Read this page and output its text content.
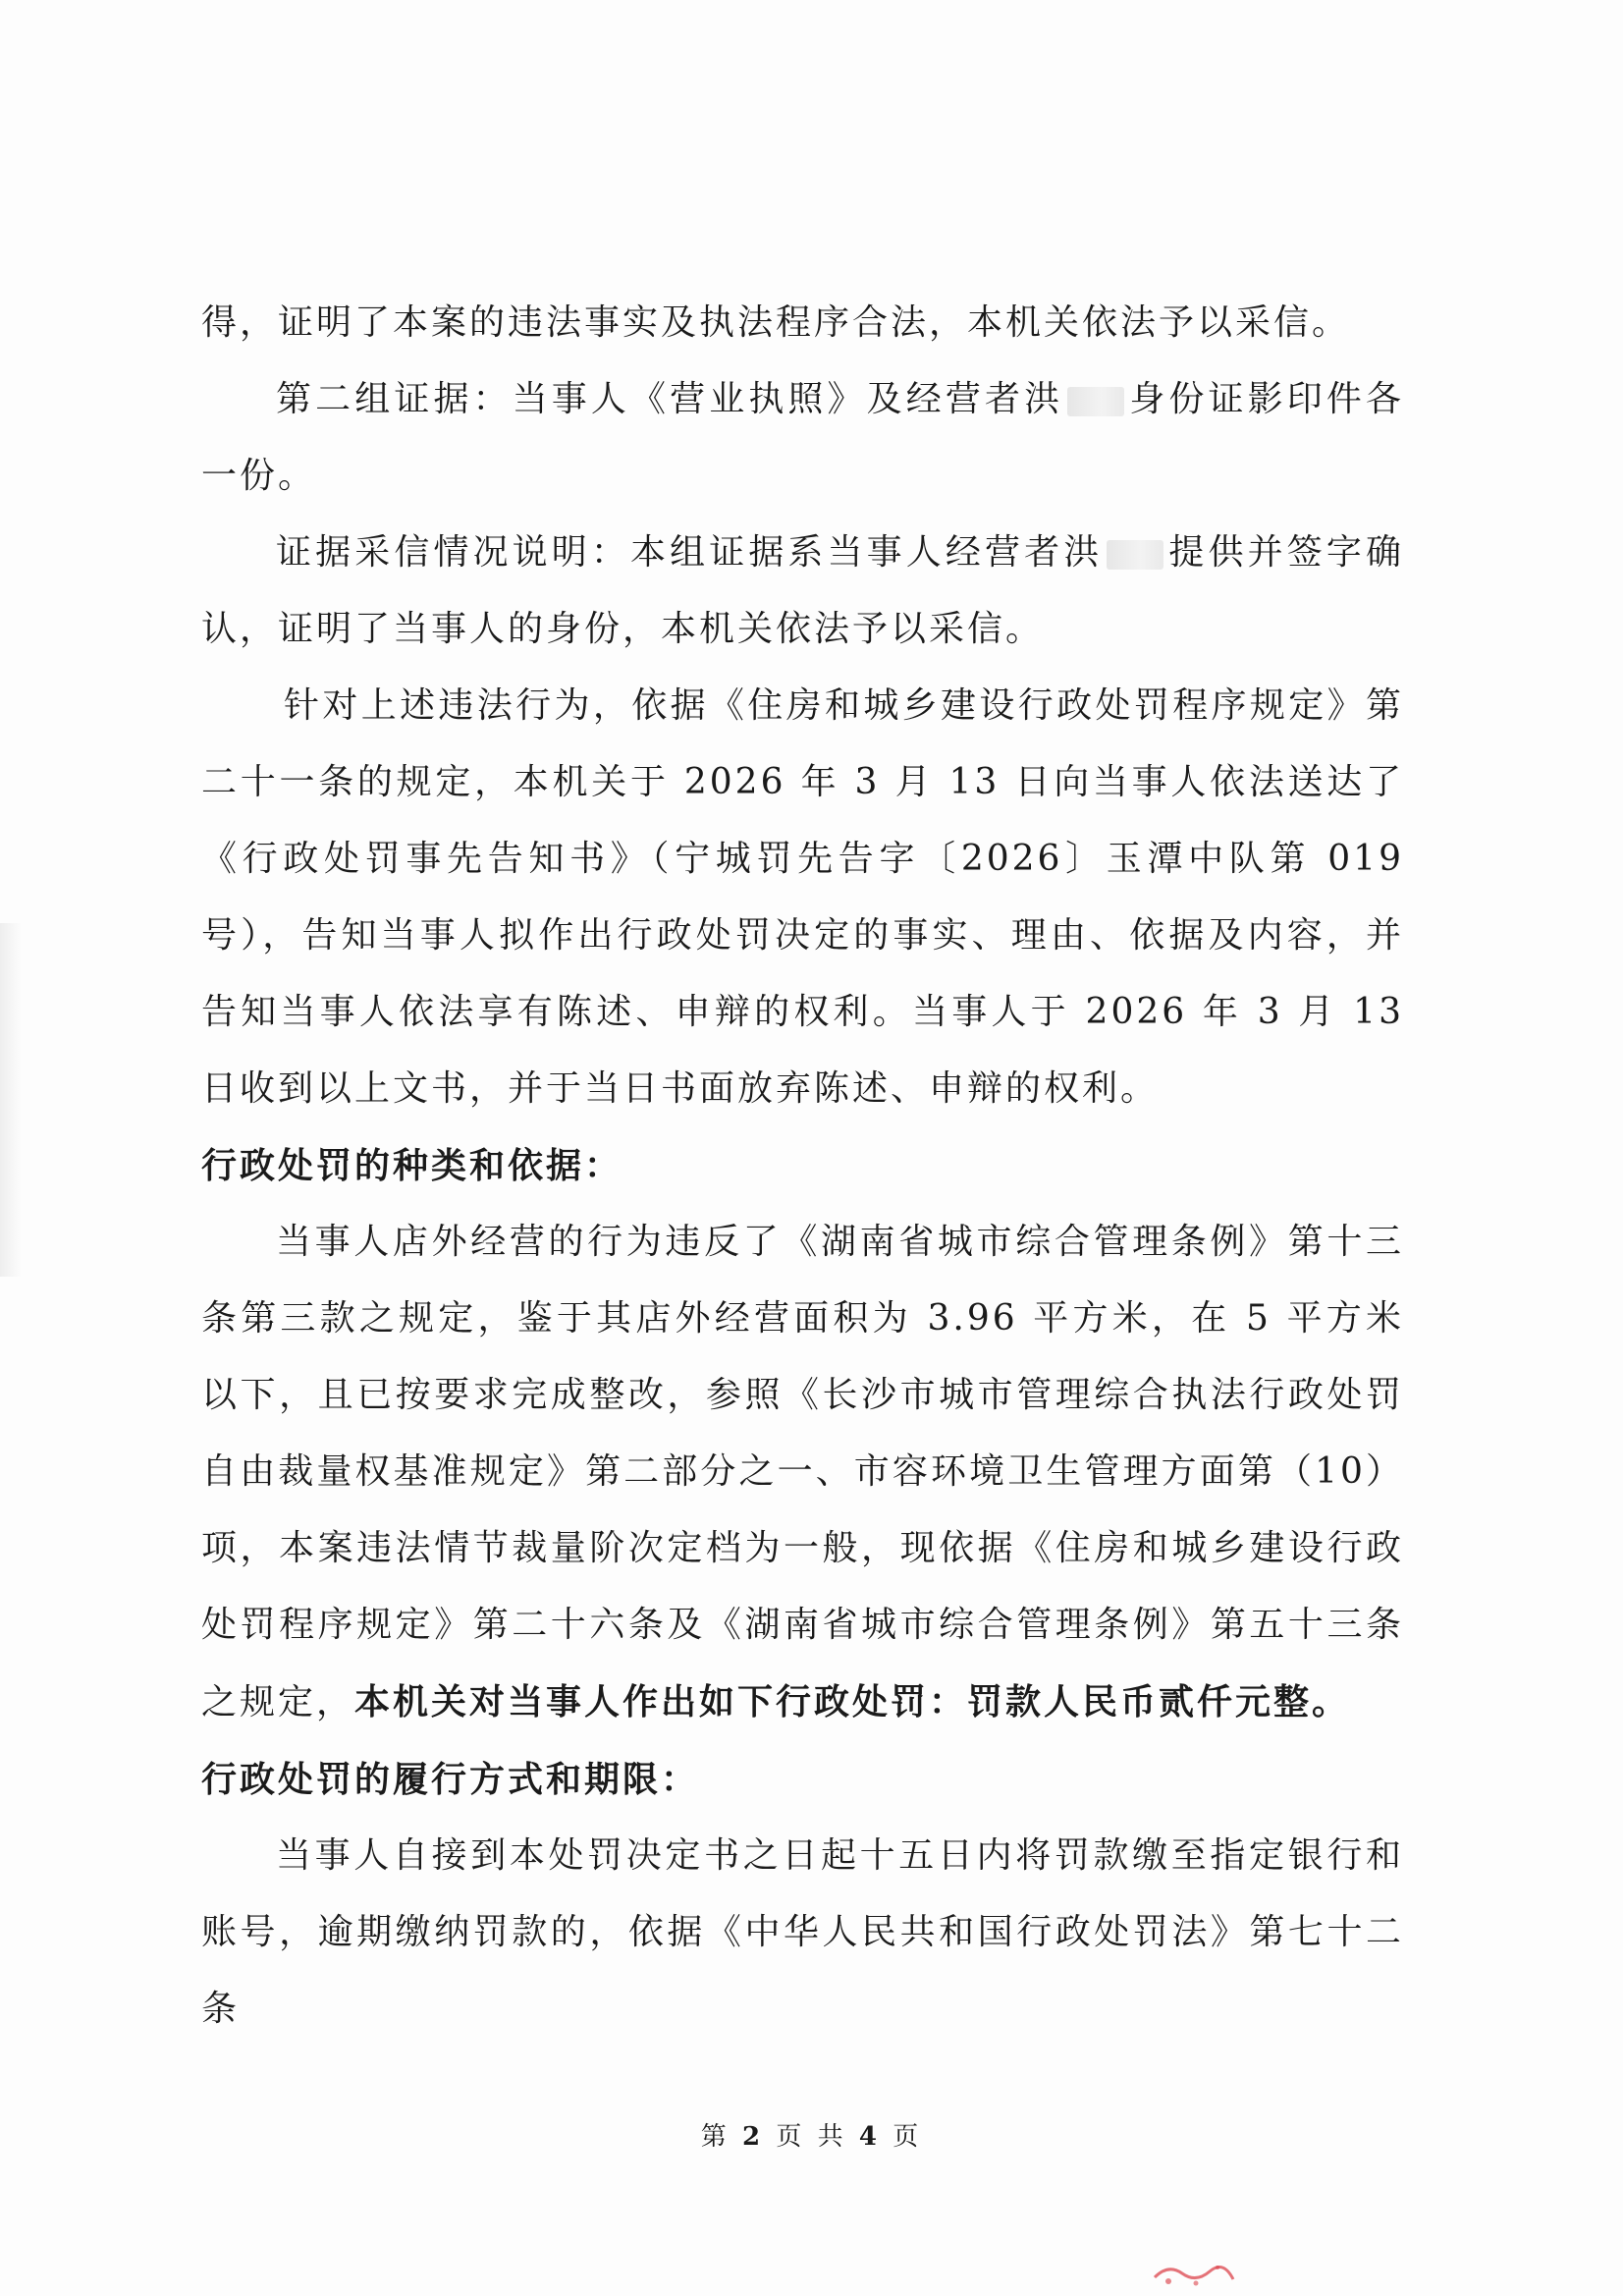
得，证明了本案的违法事实及执法程序合法，本机关依法予以采信。

第二组证据：当事人《营业执照》及经营者洪 身份证影印件各一份。

证据采信情况说明：本组证据系当事人经营者洪 提供并签字确认，证明了当事人的身份，本机关依法予以采信。

针对上述违法行为，依据《住房和城乡建设行政处罚程序规定》第二十一条的规定，本机关于 2026 年 3 月 13 日向当事人依法送达了《行政处罚事先告知书》（宁城罚先告字〔2026〕玉潭中队第 019 号），告知当事人拟作出行政处罚决定的事实、理由、依据及内容，并告知当事人依法享有陈述、申辩的权利。当事人于 2026 年 3 月 13 日收到以上文书，并于当日书面放弃陈述、申辩的权利。

行政处罚的种类和依据：

当事人店外经营的行为违反了《湖南省城市综合管理条例》第十三条第三款之规定，鉴于其店外经营面积为 3.96 平方米，在 5 平方米以下，且已按要求完成整改，参照《长沙市城市管理综合执法行政处罚自由裁量权基准规定》第二部分之一、市容环境卫生管理方面第（10）项，本案违法情节裁量阶次定档为一般，现依据《住房和城乡建设行政处罚程序规定》第二十六条及《湖南省城市综合管理条例》第五十三条之规定，本机关对当事人作出如下行政处罚：罚款人民币贰仟元整。

行政处罚的履行方式和期限：

当事人自接到本处罚决定书之日起十五日内将罚款缴至指定银行和账号，逾期缴纳罚款的，依据《中华人民共和国行政处罚法》第七十二条

第 2 页 共 4 页
